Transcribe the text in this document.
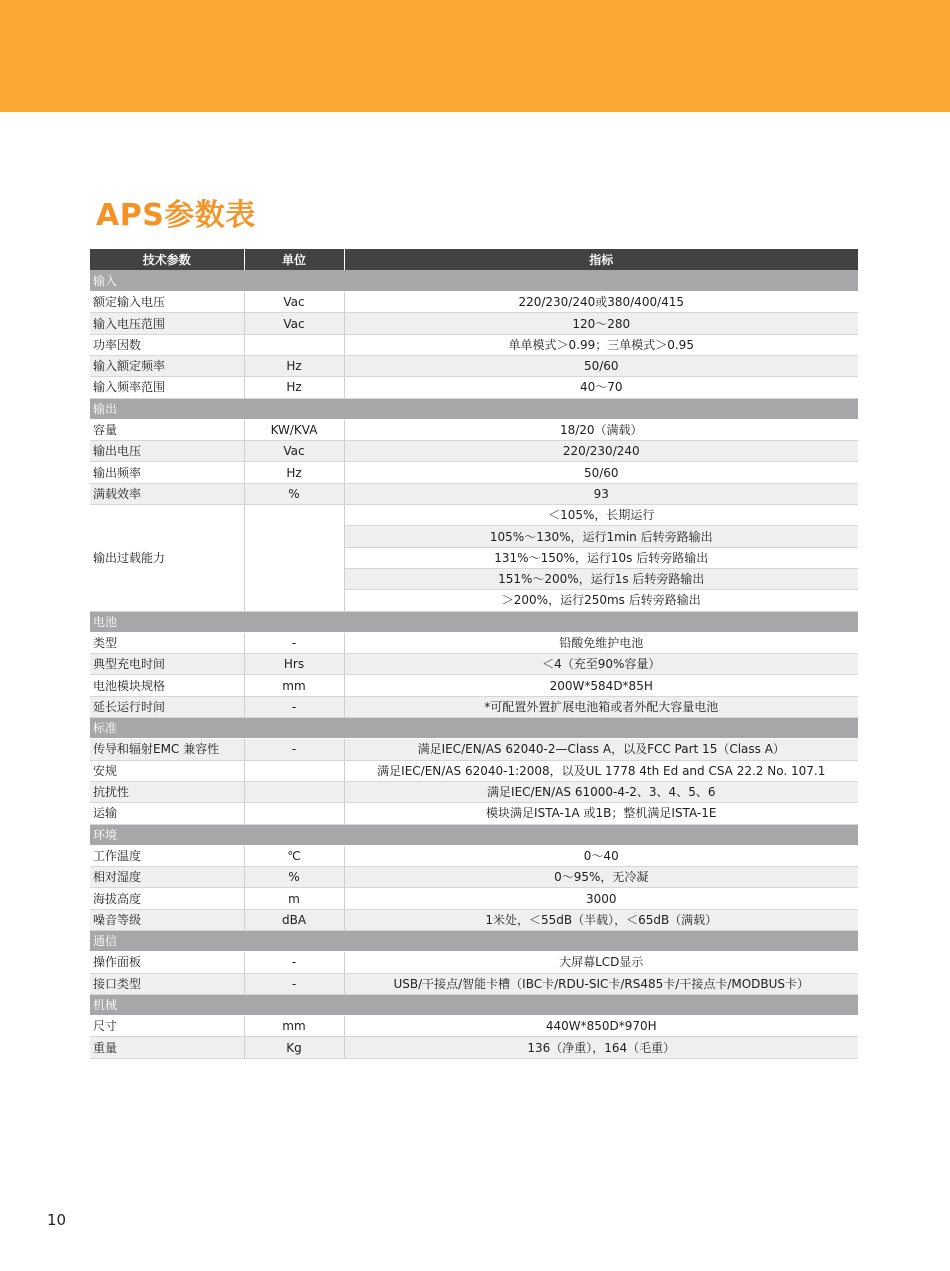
APS参数表
技术参数	单位	指标
输入		
额定输入电压	Vac	220/230/240或380/400/415
输入电压范围	Vac	120～280
功率因数		单单模式＞0.99；三单模式＞0.95
输入额定频率	Hz	50/60
输入频率范围	Hz	40～70
输出		
容量	KW/KVA	18/20（满载）
输出电压	Vac	220/230/240
输出频率	Hz	50/60
满载效率	%	93
输出过载能力		＜105%，长期运行
		105%～130%，运行1min 后转旁路输出
		131%～150%，运行10s 后转旁路输出
		151%～200%，运行1s 后转旁路输出
		＞200%，运行250ms 后转旁路输出
电池		
类型	-	铅酸免维护电池
典型充电时间	Hrs	＜4（充至90%容量）
电池模块规格	mm	200W*584D*85H
延长运行时间	-	*可配置外置扩展电池箱或者外配大容量电池
标准		
传导和辐射EMC 兼容性	-	满足IEC/EN/AS 62040-2—Class A，以及FCC Part 15（Class A）
安规		满足IEC/EN/AS 62040-1:2008，以及UL 1778 4th Ed and CSA 22.2 No. 107.1
抗扰性		满足IEC/EN/AS 61000-4-2、3、4、5、6
运输		模块满足ISTA-1A 或1B；整机满足ISTA-1E
环境		
工作温度	℃	0～40
相对湿度	%	0～95%，无冷凝
海拔高度	m	3000
噪音等级	dBA	1米处，＜55dB（半载），＜65dB（满载）
通信		
操作面板	-	大屏幕LCD显示
接口类型	-	USB/干接点/智能卡槽（IBC卡/RDU-SIC卡/RS485卡/干接点卡/MODBUS卡）
机械		
尺寸	mm	440W*850D*970H
重量	Kg	136（净重），164（毛重）
10
